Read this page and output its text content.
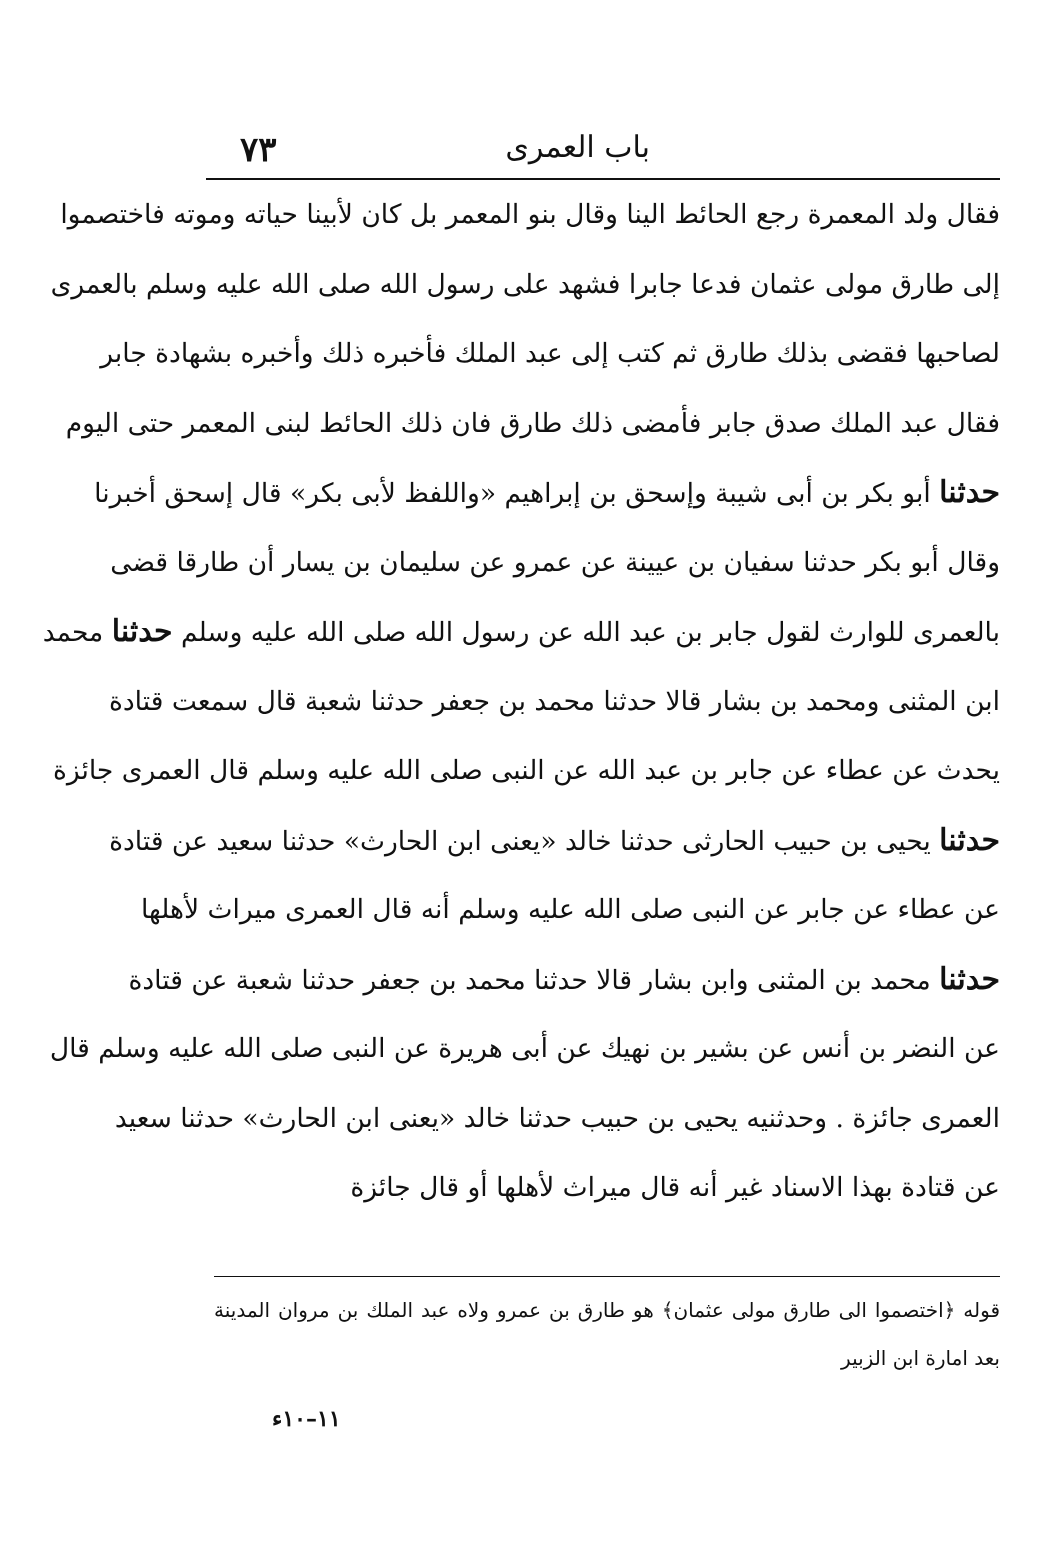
٧٣	باب العمرى
فقال ولد المعمرة رجع الحائط الينا وقال بنو المعمر بل كان لأبينا حياته وموته فاختصموا
إلى طارق مولى عثمان فدعا جابرا فشهد على رسول الله صلى الله عليه وسلم بالعمرى
لصاحبها فقضى بذلك طارق ثم كتب إلى عبد الملك فأخبره ذلك وأخبره بشهادة جابر
فقال عبد الملك صدق جابر فأمضى ذلك طارق فان ذلك الحائط لبنى المعمر حتى اليوم
حدثنا أبو بكر بن أبى شيبة وإسحق بن إبراهيم «واللفظ لأبى بكر» قال إسحق أخبرنا
وقال أبو بكر حدثنا سفيان بن عيينة عن عمرو عن سليمان بن يسار أن طارقا قضى
بالعمرى للوارث لقول جابر بن عبد الله عن رسول الله صلى الله عليه وسلم حدثنا محمد
ابن المثنى ومحمد بن بشار قالا حدثنا محمد بن جعفر حدثنا شعبة قال سمعت قتادة
يحدث عن عطاء عن جابر بن عبد الله عن النبى صلى الله عليه وسلم قال العمرى جائزة
حدثنا يحيى بن حبيب الحارثى حدثنا خالد «يعنى ابن الحارث» حدثنا سعيد عن قتادة
عن عطاء عن جابر عن النبى صلى الله عليه وسلم أنه قال العمرى ميراث لأهلها
حدثنا محمد بن المثنى وابن بشار قالا حدثنا محمد بن جعفر حدثنا شعبة عن قتادة
عن النضر بن أنس عن بشير بن نهيك عن أبى هريرة عن النبى صلى الله عليه وسلم قال
العمرى جائزة . وحدثنيه يحيى بن حبيب حدثنا خالد «يعنى ابن الحارث» حدثنا سعيد
عن قتادة بهذا الاسناد غير أنه قال ميراث لأهلها أو قال جائزة
قوله ﴿اختصموا الى طارق مولى عثمان﴾ هو طارق بن عمرو ولاه عبد الملك بن مروان المدينة
بعد امارة ابن الزبير
١١–١٠ء
